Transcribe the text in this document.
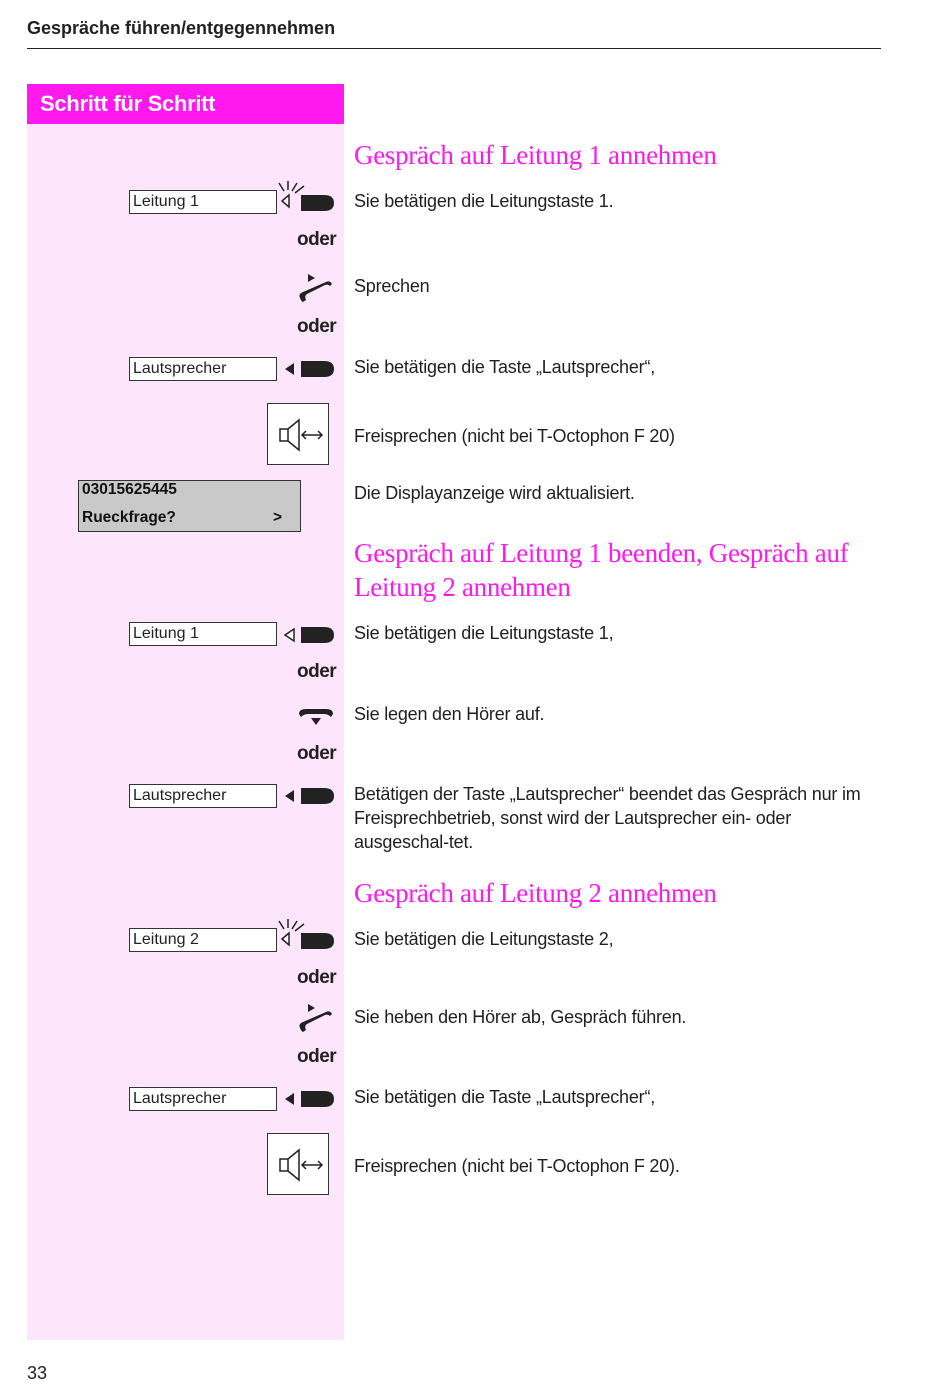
Gespräche führen/entgegennehmen
Schritt für Schritt
Gespräch auf Leitung 1 annehmen
Leitung 1	Sie betätigen die Leitungstaste 1.
oder
Sprechen
oder
Lautsprecher	Sie betätigen die Taste „Lautsprecher“,
Freisprechen (nicht bei T-Octophon F 20)
03015625445
Rueckfrage?	>
Die Displayanzeige wird aktualisiert.
Gespräch auf Leitung 1 beenden, Gespräch auf
Leitung 2 annehmen
Leitung 1	Sie betätigen die Leitungstaste 1,
oder
Sie legen den Hörer auf.
oder
Lautsprecher	Betätigen der Taste „Lautsprecher“ beendet das Gespräch nur im Freisprechbetrieb, sonst wird der Lautsprecher ein- oder ausgeschal-tet.
Gespräch auf Leitung 2 annehmen
Leitung 2	Sie betätigen die Leitungstaste 2,
oder
Sie heben den Hörer ab, Gespräch führen.
oder
Lautsprecher	Sie betätigen die Taste „Lautsprecher“,
Freisprechen (nicht bei T-Octophon F 20).
33
